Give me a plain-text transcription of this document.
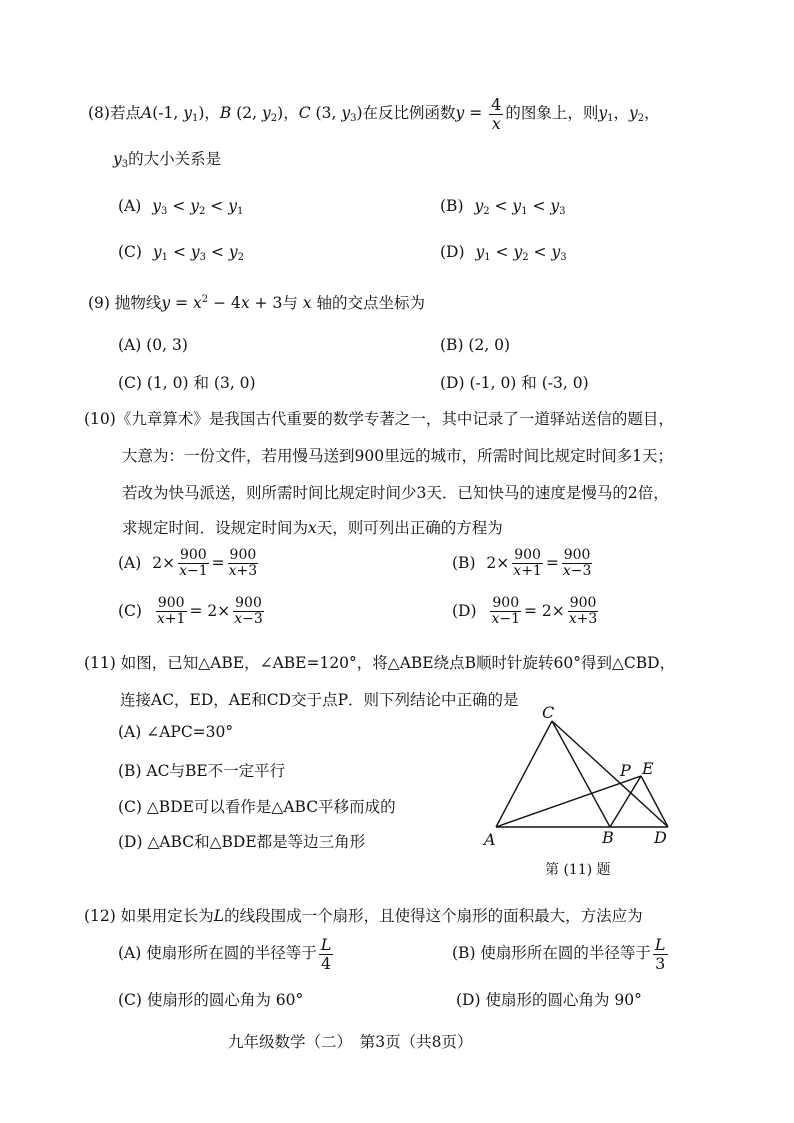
(8)若点A(-1, $y_1$)，B (2, $y_2$)，C (3, $y_3$)在反比例函数$y = \frac{4}{x}$ 的图象上，则$y_1$，$y_2$，
$y_3$的大小关系是
(A) $y_3 < y_2 < y_1$	(B) $y_2 < y_1 < y_3$
(C) $y_1 < y_3 < y_2$	(D) $y_1 < y_2 < y_3$
(9) 抛物线$y = x^2 - 4x + 3$与 x 轴的交点坐标为
(A) (0, 3)	(B) (2, 0)
(C) (1, 0) 和 (3, 0)	(D) (-1, 0) 和 (-3, 0)
(10)《九章算术》是我国古代重要的数学专著之一，其中记录了一道驿站送信的题目，
大意为：一份文件，若用慢马送到900里远的城市，所需时间比规定时间多1天；
若改为快马派送，则所需时间比规定时间少3天．已知快马的速度是慢马的2倍，
求规定时间．设规定时间为x天，则可列出正确的方程为
(A) $2\times \frac{900}{x-1} = \frac{900}{x+3}$	(B) $2\times \frac{900}{x+1} = \frac{900}{x-3}$
$(C) \frac{900}{x+1} = 2\times \frac{900}{x-3}$	$(D) \frac{900}{x-1} = 2\times \frac{900}{x+3}$
(11) 如图，已知△ABE，∠ABE=120°，将△ABE绕点B顺时针旋转60°得到△CBD，
连接AC，ED，AE和CD交于点P．则下列结论中正确的是
(A) ∠APC=30°
(B) AC与BE不一定平行
(C) △BDE可以看作是△ABC平移而成的
(D) △ABC和△BDE都是等边三角形
C
P E
A	B	D
第 (11) 题
(12) 如果用定长为L的线段围成一个扇形，且使得这个扇形的面积最大，方法应为
(A) 使扇形所在圆的半径等于 $\frac{L}{4}$	(B) 使扇形所在圆的半径等于 $\frac{L}{3}$
(C) 使扇形的圆心角为 60°	(D) 使扇形的圆心角为 90°
九年级数学（二）　第3页（共8页）
